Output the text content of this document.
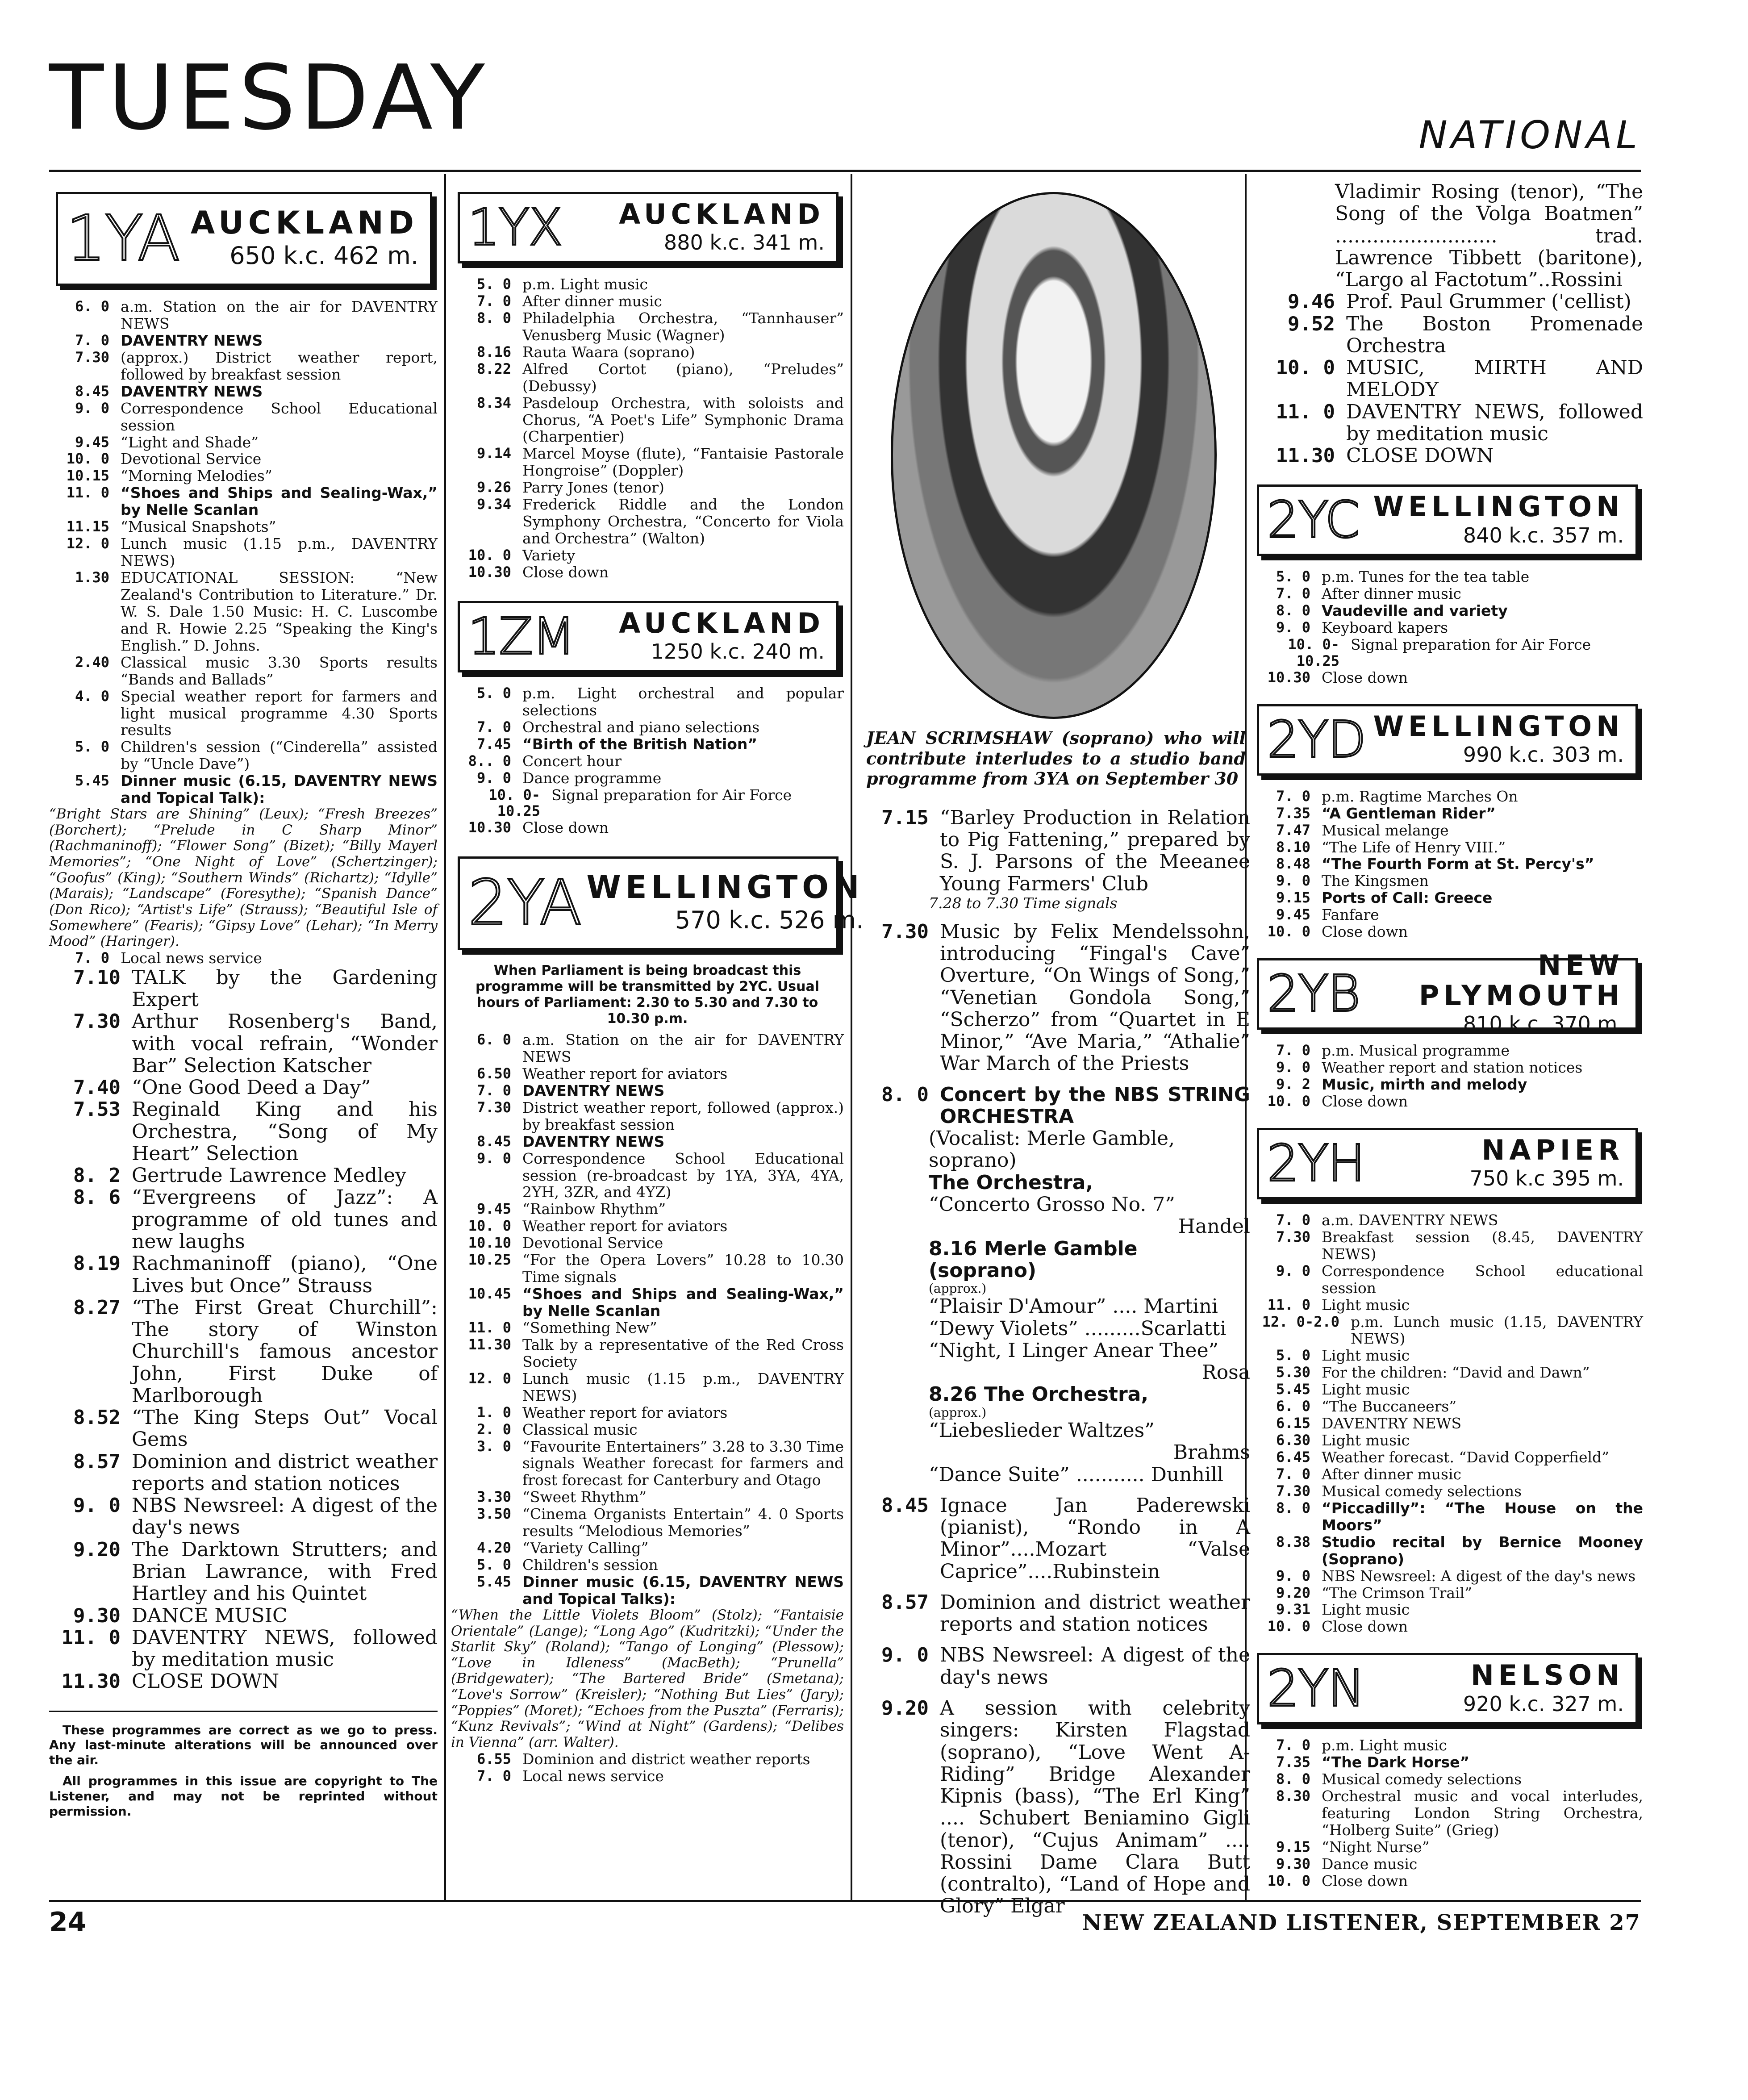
TUESDAY	NATIONAL
1YA AUCKLAND
650 k.c. 462 m.
6. 0 a.m. Station on the air for DAVENTRY NEWS
7. 0 DAVENTRY NEWS
7.30 (approx.) District weather report, followed by breakfast session
8.45 DAVENTRY NEWS
9. 0 Correspondence School Educational session
9.45 “Light and Shade”
10. 0 Devotional Service
10.15 “Morning Melodies”
11. 0 “Shoes and Ships and Sealing-Wax,” by Nelle Scanlan
11.15 “Musical Snapshots”
12. 0 Lunch music (1.15 p.m., DAVENTRY NEWS)
1.30 EDUCATIONAL SESSION: “New Zealand's Contribution to Literature.” Dr. W. S. Dale 1.50 Music: H. C. Luscombe and R. Howie 2.25 “Speaking the King's English.” D. Johns.
2.40 Classical music 3.30 Sports results “Bands and Ballads”
4. 0 Special weather report for farmers and light musical programme 4.30 Sports results
5. 0 Children's session (“Cinderella” assisted by “Uncle Dave”)
5.45 Dinner music (6.15, DAVENTRY NEWS and Topical Talk):
“Bright Stars are Shining” (Leux); “Fresh Breezes” (Borchert); “Prelude in C Sharp Minor” (Rachmaninoff); “Flower Song” (Bizet); “Billy Mayerl Memories”; “One Night of Love” (Schertzinger); “Goofus” (King); “Southern Winds” (Richartz); “Idylle” (Marais); “Landscape” (Foresythe); “Spanish Dance” (Don Rico); “Artist's Life” (Strauss); “Beautiful Isle of Somewhere” (Fearis); “Gipsy Love” (Lehar); “In Merry Mood” (Haringer).
7. 0 Local news service
7.10 TALK by the Gardening Expert
7.30 Arthur Rosenberg's Band, with vocal refrain, “Wonder Bar” Selection Katscher
7.40 “One Good Deed a Day”
7.53 Reginald King and his Orchestra, “Song of My Heart” Selection
8. 2 Gertrude Lawrence Medley
8. 6 “Evergreens of Jazz”: A programme of old tunes and new laughs
8.19 Rachmaninoff (piano), “One Lives but Once” Strauss
8.27 “The First Great Churchill”: The story of Winston Churchill's famous ancestor John, First Duke of Marlborough
8.52 “The King Steps Out” Vocal Gems
8.57 Dominion and district weather reports and station notices
9. 0 NBS Newsreel: A digest of the day's news
9.20 The Darktown Strutters; and Brian Lawrance, with Fred Hartley and his Quintet
9.30 DANCE MUSIC
11. 0 DAVENTRY NEWS, followed by meditation music
11.30 CLOSE DOWN

These programmes are correct as we go to press. Any last-minute alterations will be announced over the air.

All programmes in this issue are copyright to The Listener, and may not be reprinted without permission.

1YX	AUCKLAND
880 k.c. 341 m.
5. 0 p.m. Light music
7. 0 After dinner music
8. 0 Philadelphia Orchestra, “Tannhauser” Venusberg Music (Wagner)
8.16 Rauta Waara (soprano)
8.22 Alfred Cortot (piano), “Preludes” (Debussy)
8.34 Pasdeloup Orchestra, with soloists and Chorus, “A Poet's Life” Symphonic Drama (Charpentier)
9.14 Marcel Moyse (flute), “Fantaisie Pastorale Hongroise” (Doppler)
9.26 Parry Jones (tenor)
9.34 Frederick Riddle and the London Symphony Orchestra, “Concerto for Viola and Orchestra” (Walton)
10. 0 Variety
10.30 Close down
1ZM	AUCKLAND
1250 k.c. 240 m.
5. 0 p.m. Light orchestral and popular selections
7. 0 Orchestral and piano selections
7.45 “Birth of the British Nation”
8.. 0 Concert hour
9. 0 Dance programme
10. 0-10.25
Signal preparation for Air Force
10.30 Close down
2YA WELLINGTON
570 k.c. 526 m.
When Parliament is being broadcast this programme will be transmitted by 2YC. Usual hours of Parliament: 2.30 to 5.30 and 7.30 to 10.30 p.m.
6. 0 a.m. Station on the air for DAVENTRY NEWS
6.50 Weather report for aviators
7. 0 DAVENTRY NEWS
7.30 District weather report, followed (approx.) by breakfast session
8.45 DAVENTRY NEWS
9. 0 Correspondence School Educational session (re-broadcast by 1YA, 3YA, 4YA, 2YH, 3ZR, and 4YZ)
9.45 “Rainbow Rhythm”
10. 0 Weather report for aviators
10.10 Devotional Service
10.25 “For the Opera Lovers” 10.28 to 10.30 Time signals
10.45 “Shoes and Ships and Sealing-Wax,” by Nelle Scanlan
11. 0 “Something New”
11.30 Talk by a representative of the Red Cross Society
12. 0 Lunch music (1.15 p.m., DAVENTRY NEWS)
1. 0 Weather report for aviators
2. 0 Classical music
3. 0 “Favourite Entertainers” 3.28 to 3.30 Time signals Weather forecast for farmers and frost forecast for Canterbury and Otago
3.30 “Sweet Rhythm”
3.50 “Cinema Organists Entertain” 4. 0 Sports results “Melodious Memories”
4.20 “Variety Calling”
5. 0 Children's session
5.45 Dinner music (6.15, DAVENTRY NEWS and Topical Talks):
“When the Little Violets Bloom” (Stolz); “Fantaisie Orientale” (Lange); “Long Ago” (Kudritzki); “Under the Starlit Sky” (Roland); “Tango of Longing” (Plessow); “Love in Idleness” (MacBeth); “Prunella” (Bridgewater); “The Bartered Bride” (Smetana); “Love's Sorrow” (Kreisler); “Nothing But Lies” (Jary); “Poppies” (Moret); “Echoes from the Puszta” (Ferraris); “Kunz Revivals”; “Wind at Night” (Gardens); “Delibes in Vienna” (arr. Walter).
6.55 Dominion and district weather reports
7. 0 Local news service
JEAN SCRIMSHAW (soprano) who will contribute interludes to a studio band programme from 3YA on September 30
7.15 “Barley Production in Relation to Pig Fattening,” prepared by S. J. Parsons of the Meeanee Young Farmers' Club
7.28 to 7.30 Time signals
7.30 Music by Felix Mendelssohn, introducing “Fingal's Cave” Overture, “On Wings of Song,” “Venetian Gondola Song,” “Scherzo” from “Quartet in E Minor,” “Ave Maria,” “Athalie” War March of the Priests
8. 0 Concert by the NBS STRING ORCHESTRA
(Vocalist: Merle Gamble, soprano)
The Orchestra,
“Concerto Grosso No. 7”
Handel
8.16 Merle Gamble (soprano)
(approx.)
“Plaisir D'Amour” .... Martini
“Dewy Violets” .........Scarlatti
“Night, I Linger Anear Thee”
Rosa
8.26 The Orchestra,
(approx.)
“Liebeslieder Waltzes”
Brahms
“Dance Suite” ........... Dunhill
8.45 Ignace Jan Paderewski (pianist), “Rondo in A Minor”....Mozart “Valse Caprice”....Rubinstein
8.57 Dominion and district weather reports and station notices
9. 0 NBS Newsreel: A digest of the day's news
9.20 A session with celebrity singers: Kirsten Flagstad (soprano), “Love Went A-Riding” Bridge Alexander Kipnis (bass), “The Erl King” .... Schubert Beniamino Gigli (tenor), “Cujus Animam” .... Rossini Dame Clara Butt (contralto), “Land of Hope and Glory” Elgar
Vladimir Rosing (tenor), “The Song of the Volga Boatmen” .......................... trad. Lawrence Tibbett (baritone), “Largo al Factotum”..Rossini
9.46 Prof. Paul Grummer ('cellist)
9.52 The Boston Promenade Orchestra
10. 0 MUSIC, MIRTH AND MELODY
11. 0 DAVENTRY NEWS, followed by meditation music
11.30 CLOSE DOWN
2YC WELLINGTON
840 k.c. 357 m.
5. 0 p.m. Tunes for the tea table
7. 0 After dinner music
8. 0 Vaudeville and variety
9. 0 Keyboard kapers
10. 0-10.25
Signal preparation for Air Force
10.30 Close down
2YD WELLINGTON
990 k.c. 303 m.
7. 0 p.m. Ragtime Marches On
7.35 “A Gentleman Rider”
7.47 Musical melange
8.10 “The Life of Henry VIII.”
8.48 “The Fourth Form at St. Percy's”
9. 0 The Kingsmen
9.15 Ports of Call: Greece
9.45 Fanfare
10. 0 Close down
2YB	NEW PLYMOUTH
810 k.c. 370 m.
7. 0 p.m. Musical programme
9. 0 Weather report and station notices
9. 2 Music, mirth and melody
10. 0 Close down
2YH	NAPIER
750 k.c 395 m.
7. 0 a.m. DAVENTRY NEWS
7.30 Breakfast session (8.45, DAVENTRY NEWS)
9. 0 Correspondence School educational session
11. 0 Light music
12. 0-2.0 p.m. Lunch music (1.15, DAVENTRY NEWS)
5. 0 Light music
5.30 For the children: “David and Dawn”
5.45 Light music
6. 0 “The Buccaneers”
6.15 DAVENTRY NEWS
6.30 Light music
6.45 Weather forecast. “David Copperfield”
7. 0 After dinner music
7.30 Musical comedy selections
8. 0 “Piccadilly”: “The House on the Moors”
8.38 Studio recital by Bernice Mooney (Soprano)
9. 0 NBS Newsreel: A digest of the day's news
9.20 “The Crimson Trail”
9.31 Light music
10. 0 Close down
2YN	NELSON
920 k.c. 327 m.
7. 0 p.m. Light music
7.35 “The Dark Horse”
8. 0 Musical comedy selections
8.30 Orchestral music and vocal interludes, featuring London String Orchestra, “Holberg Suite” (Grieg)
9.15 “Night Nurse”
9.30 Dance music
10. 0 Close down
24	NEW ZEALAND LISTENER, SEPTEMBER 27
